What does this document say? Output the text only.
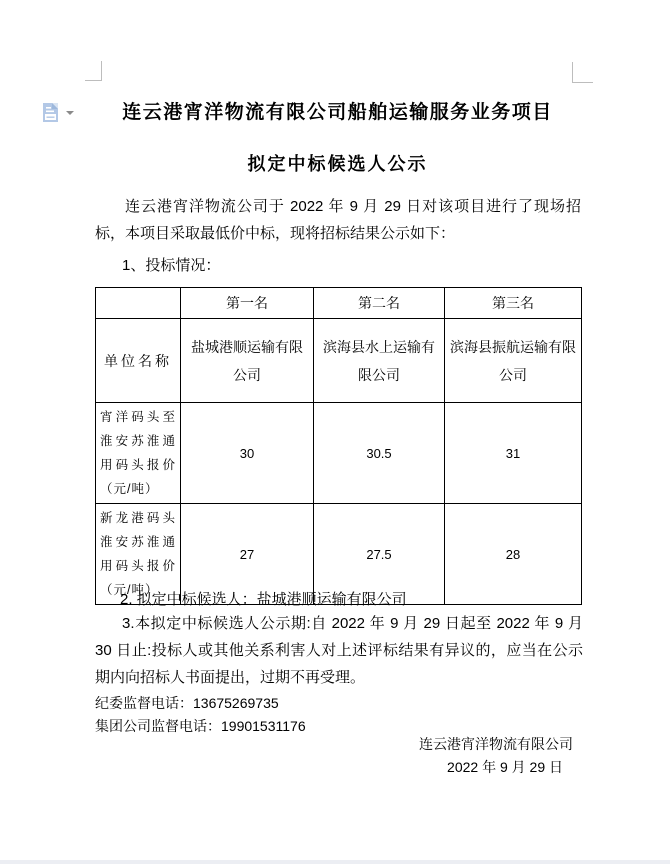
连云港宵洋物流有限公司船舶运输服务业务项目
拟定中标候选人公示
连云港宵洋物流公司于 2022 年 9 月 29 日对该项目进行了现场招标，本项目采取最低价中标，现将招标结果公示如下：
1、投标情况：
	第一名	第二名	第三名
单位名称	盐城港顺运输有限公司	滨海县水上运输有限公司	滨海县振航运输有限公司
宵洋码头至淮安苏淮通用码头报价（元/吨）	30	30.5	31
新龙港码头淮安苏淮通用码头报价（元/吨）	27	27.5	28
2. 拟定中标候选人：盐城港顺运输有限公司
3.本拟定中标候选人公示期:自 2022 年 9 月 29 日起至 2022 年 9 月 30 日止:投标人或其他关系利害人对上述评标结果有异议的，应当在公示期内向招标人书面提出，过期不再受理。
纪委监督电话：13675269735
集团公司监督电话：19901531176
连云港宵洋物流有限公司
2022 年 9 月 29 日
